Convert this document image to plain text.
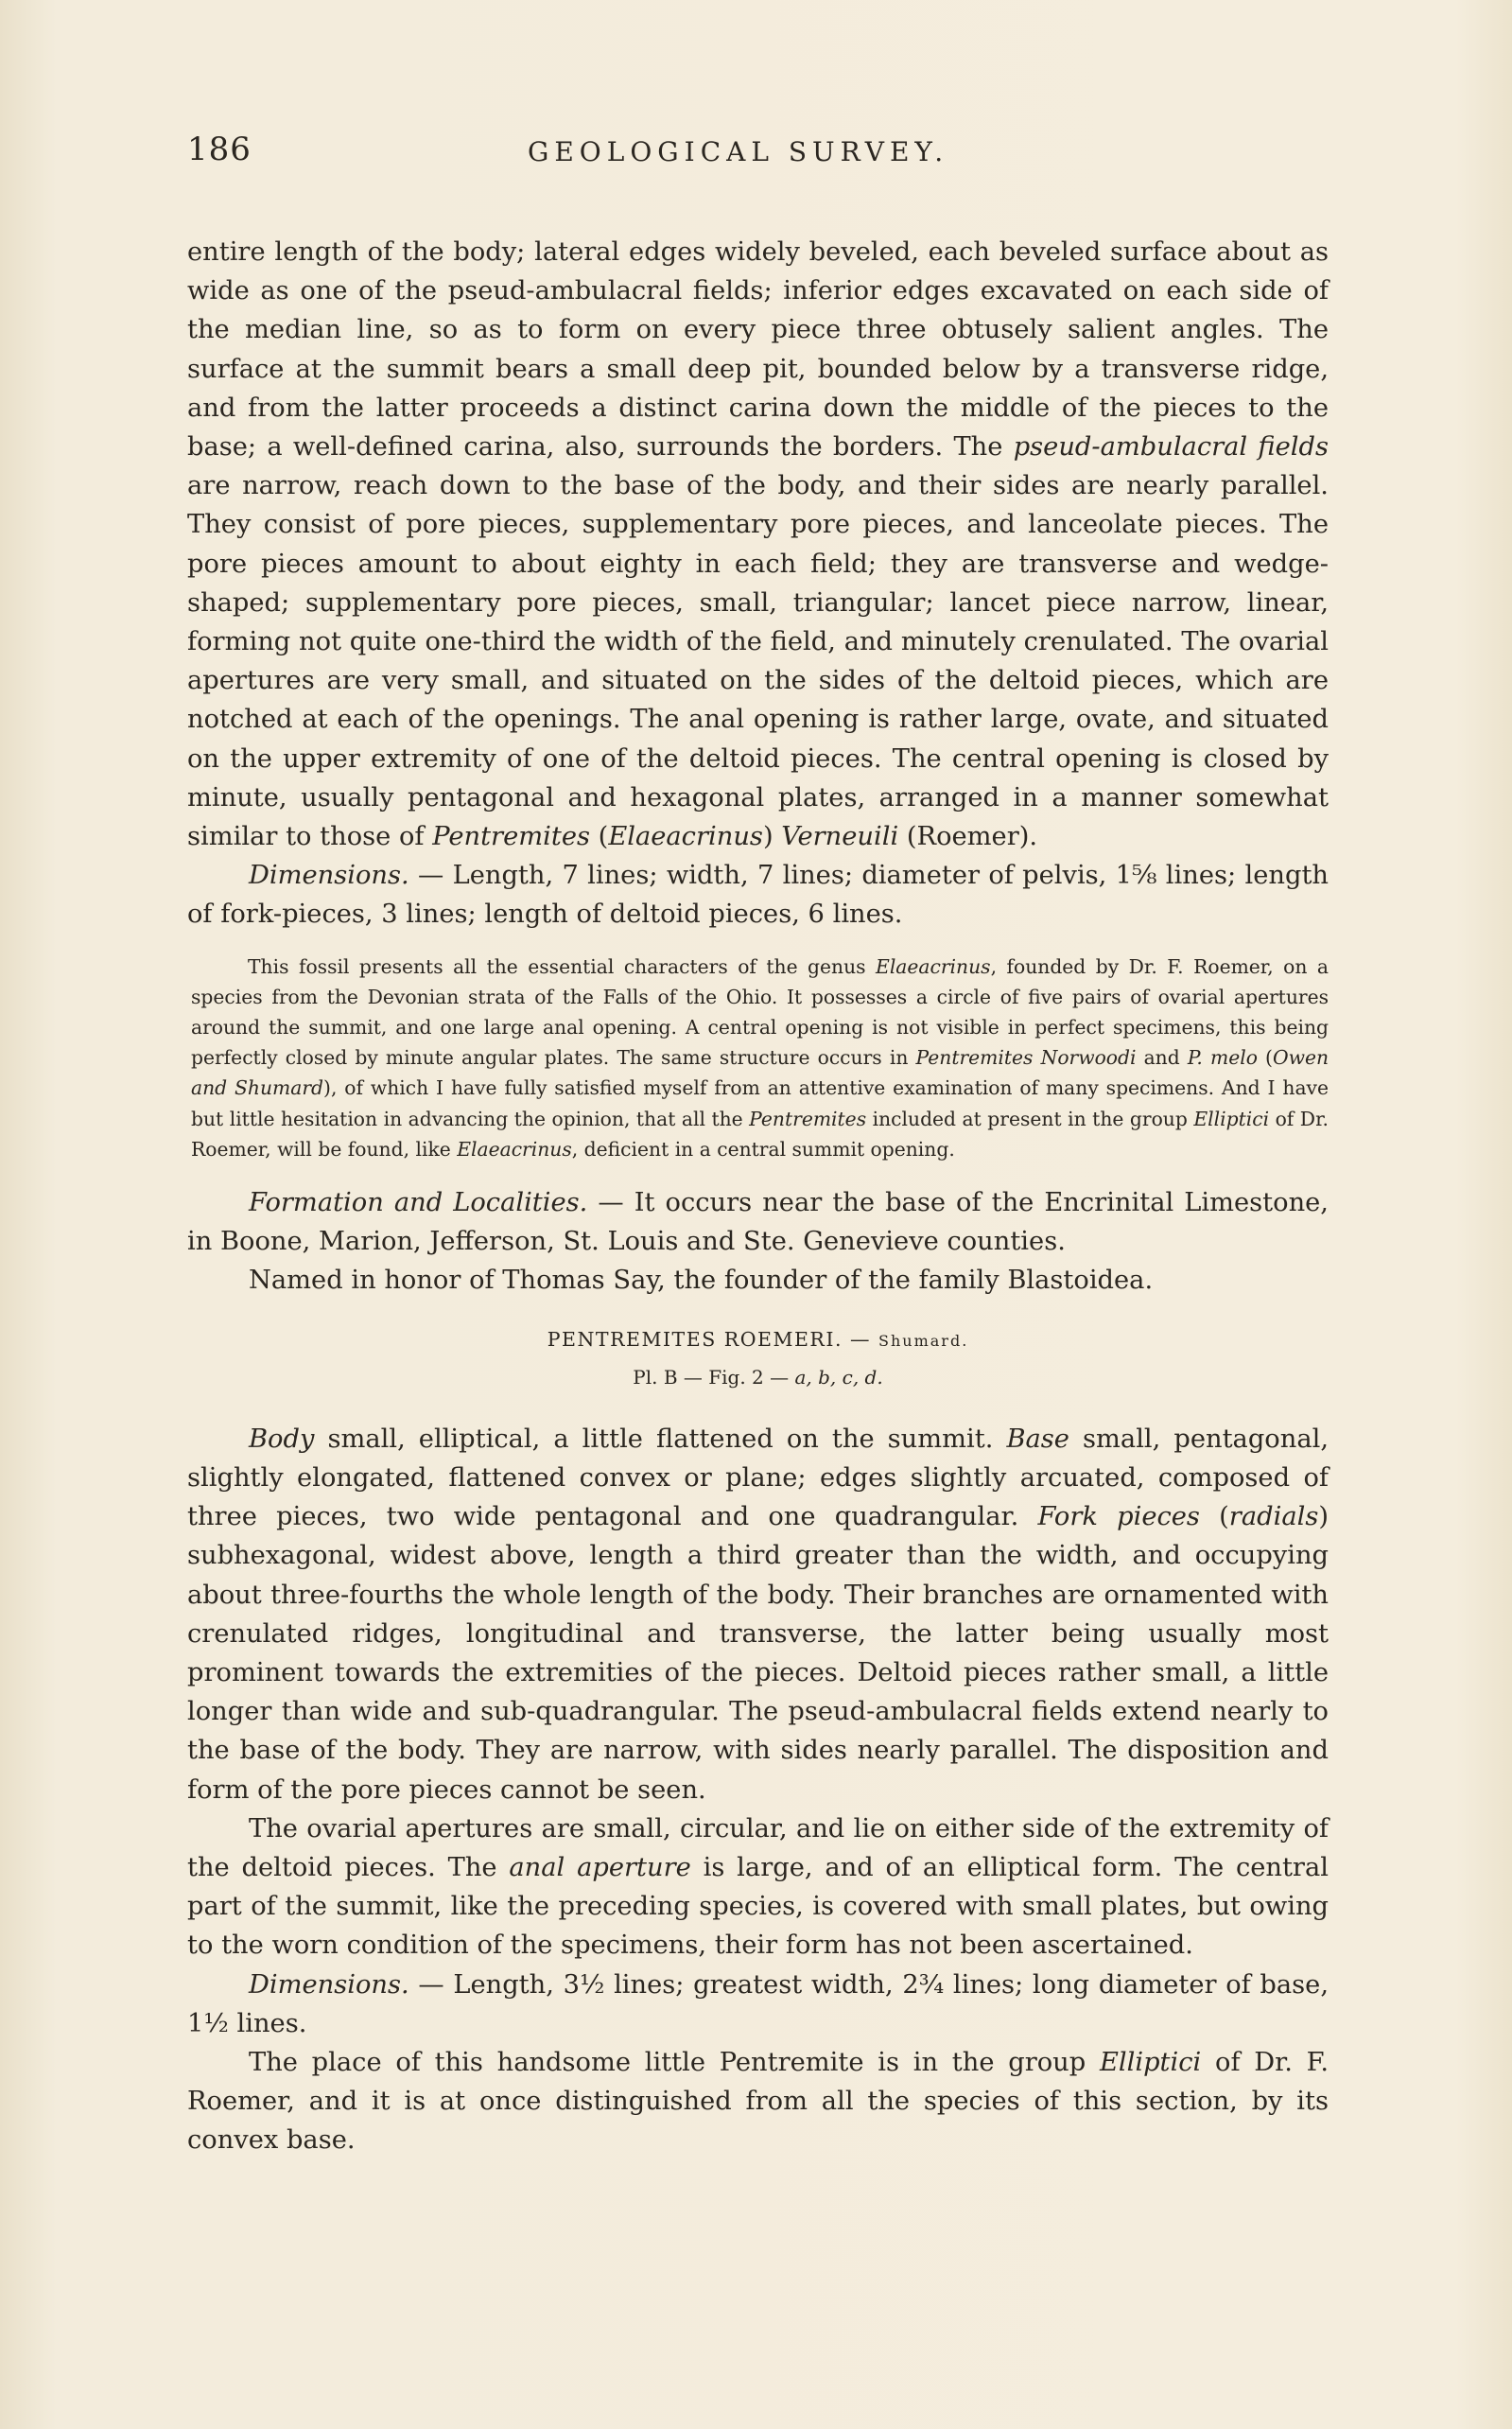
186	GEOLOGICAL SURVEY.

entire length of the body; lateral edges widely beveled, each beveled surface about as wide as one of the pseud-ambulacral fields; inferior edges excavated on each side of the median line, so as to form on every piece three obtusely salient angles. The surface at the summit bears a small deep pit, bounded below by a transverse ridge, and from the latter proceeds a distinct carina down the middle of the pieces to the base; a well-defined carina, also, surrounds the borders. The pseud-ambulacral fields are narrow, reach down to the base of the body, and their sides are nearly parallel. They consist of pore pieces, supplementary pore pieces, and lanceolate pieces. The pore pieces amount to about eighty in each field; they are transverse and wedge-shaped; supplementary pore pieces, small, triangular; lancet piece narrow, linear, forming not quite one-third the width of the field, and minutely crenulated. The ovarial apertures are very small, and situated on the sides of the deltoid pieces, which are notched at each of the openings. The anal opening is rather large, ovate, and situated on the upper extremity of one of the deltoid pieces. The central opening is closed by minute, usually pentagonal and hexagonal plates, arranged in a manner somewhat similar to those of Pentremites (Elaeacrinus) Verneuili (Roemer).

Dimensions. — Length, 7 lines; width, 7 lines; diameter of pelvis, 1⅝ lines; length of fork-pieces, 3 lines; length of deltoid pieces, 6 lines.

This fossil presents all the essential characters of the genus Elaeacrinus, founded by Dr. F. Roemer, on a species from the Devonian strata of the Falls of the Ohio. It possesses a circle of five pairs of ovarial apertures around the summit, and one large anal opening. A central opening is not visible in perfect specimens, this being perfectly closed by minute angular plates. The same structure occurs in Pentremites Norwoodi and P. melo (Owen and Shumard), of which I have fully satisfied myself from an attentive examination of many specimens. And I have but little hesitation in advancing the opinion, that all the Pentremites included at present in the group Elliptici of Dr. Roemer, will be found, like Elaeacrinus, deficient in a central summit opening.

Formation and Localities. — It occurs near the base of the Encrinital Limestone, in Boone, Marion, Jefferson, St. Louis and Ste. Genevieve counties.

Named in honor of Thomas Say, the founder of the family Blastoidea.

PENTREMITES ROEMERI. — Shumard.
Pl. B — Fig. 2 — a, b, c, d.

Body small, elliptical, a little flattened on the summit. Base small, pentagonal, slightly elongated, flattened convex or plane; edges slightly arcuated, composed of three pieces, two wide pentagonal and one quadrangular. Fork pieces (radials) subhexagonal, widest above, length a third greater than the width, and occupying about three-fourths the whole length of the body. Their branches are ornamented with crenulated ridges, longitudinal and transverse, the latter being usually most prominent towards the extremities of the pieces. Deltoid pieces rather small, a little longer than wide and sub-quadrangular. The pseud-ambulacral fields extend nearly to the base of the body. They are narrow, with sides nearly parallel. The disposition and form of the pore pieces cannot be seen.

The ovarial apertures are small, circular, and lie on either side of the extremity of the deltoid pieces. The anal aperture is large, and of an elliptical form. The central part of the summit, like the preceding species, is covered with small plates, but owing to the worn condition of the specimens, their form has not been ascertained.

Dimensions. — Length, 3½ lines; greatest width, 2¾ lines; long diameter of base, 1½ lines.

The place of this handsome little Pentremite is in the group Elliptici of Dr. F. Roemer, and it is at once distinguished from all the species of this section, by its convex base.
